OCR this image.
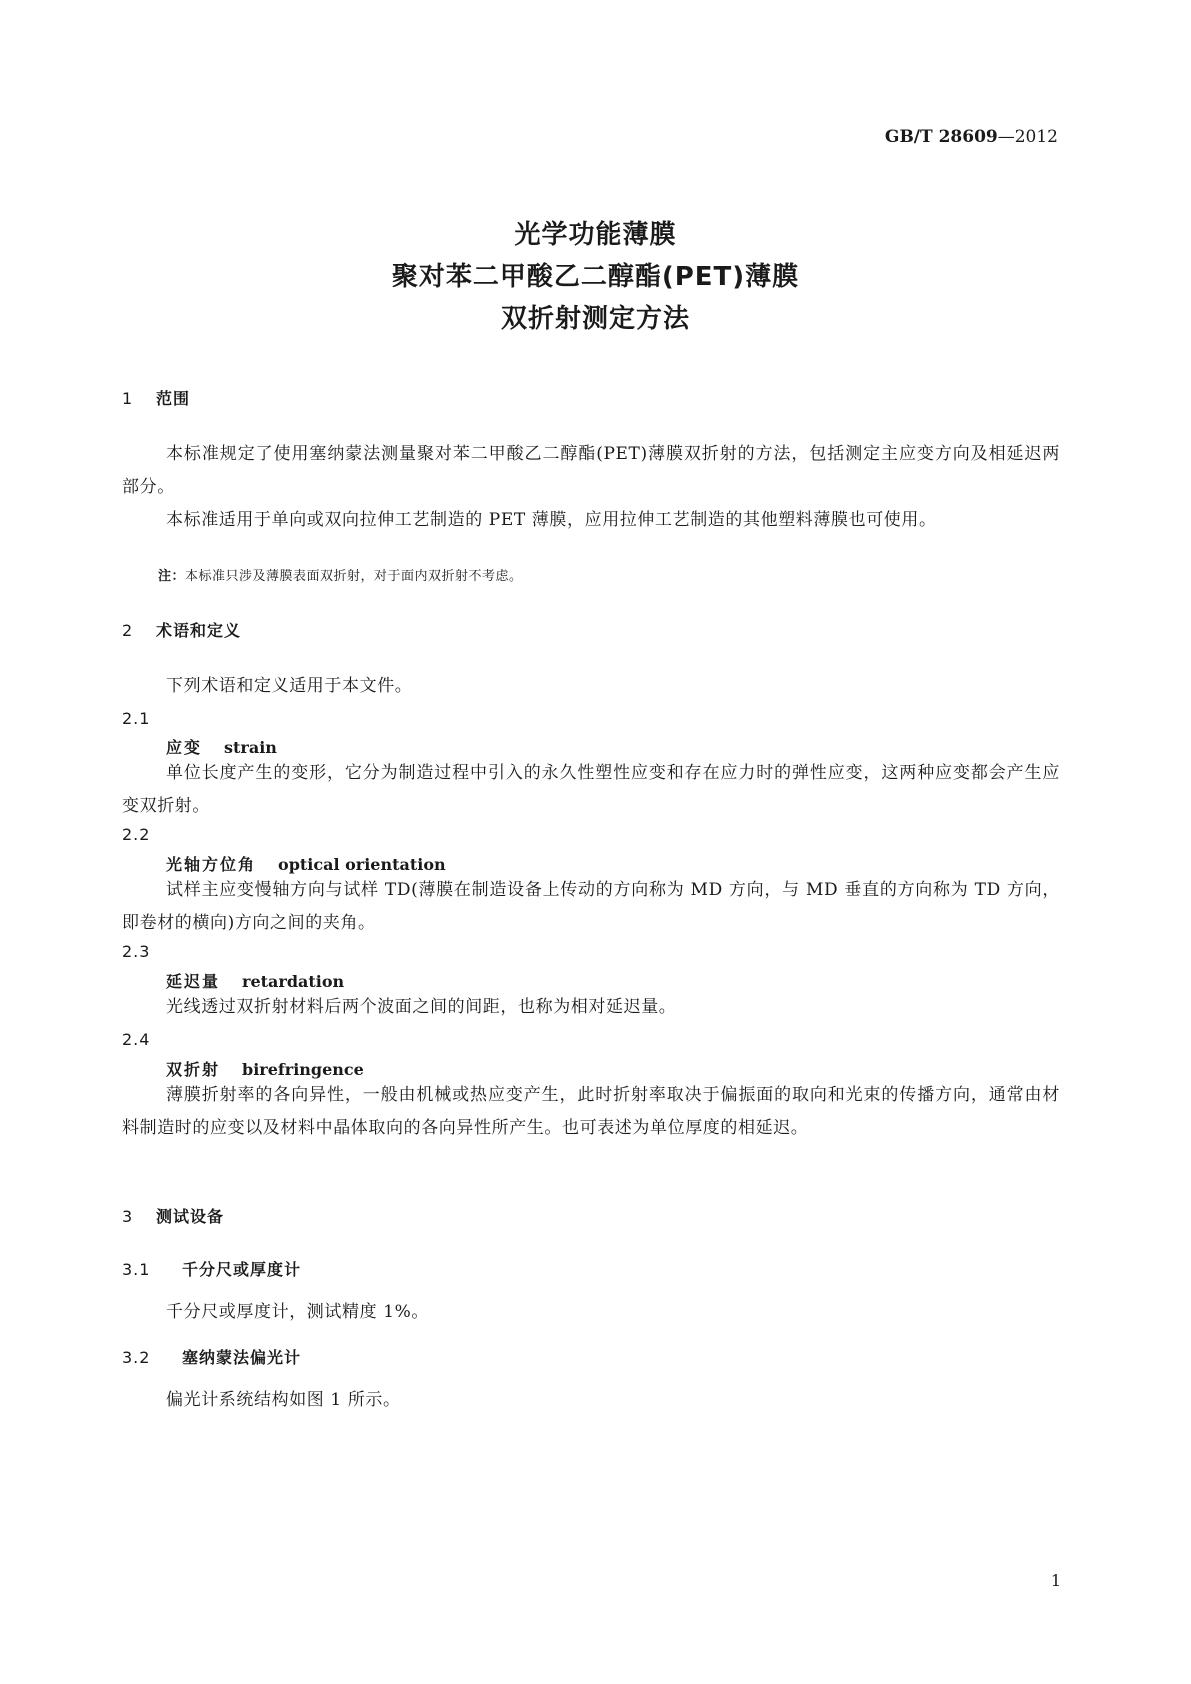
GB/T 28609—2012
光学功能薄膜
聚对苯二甲酸乙二醇酯(PET)薄膜
双折射测定方法
1 范围
本标准规定了使用塞纳蒙法测量聚对苯二甲酸乙二醇酯(PET)薄膜双折射的方法，包括测定主应变方向及相延迟两部分。
本标准适用于单向或双向拉伸工艺制造的 PET 薄膜，应用拉伸工艺制造的其他塑料薄膜也可使用。
注：本标准只涉及薄膜表面双折射，对于面内双折射不考虑。
2 术语和定义
下列术语和定义适用于本文件。
2.1
应变 strain
单位长度产生的变形，它分为制造过程中引入的永久性塑性应变和存在应力时的弹性应变，这两种应变都会产生应变双折射。
2.2
光轴方位角 optical orientation
试样主应变慢轴方向与试样 TD(薄膜在制造设备上传动的方向称为 MD 方向，与 MD 垂直的方向称为 TD 方向，即卷材的横向)方向之间的夹角。
2.3
延迟量 retardation
光线透过双折射材料后两个波面之间的间距，也称为相对延迟量。
2.4
双折射 birefringence
薄膜折射率的各向异性，一般由机械或热应变产生，此时折射率取决于偏振面的取向和光束的传播方向，通常由材料制造时的应变以及材料中晶体取向的各向异性所产生。也可表述为单位厚度的相延迟。
3 测试设备
3.1 千分尺或厚度计
千分尺或厚度计，测试精度 1%。
3.2 塞纳蒙法偏光计
偏光计系统结构如图 1 所示。
1
